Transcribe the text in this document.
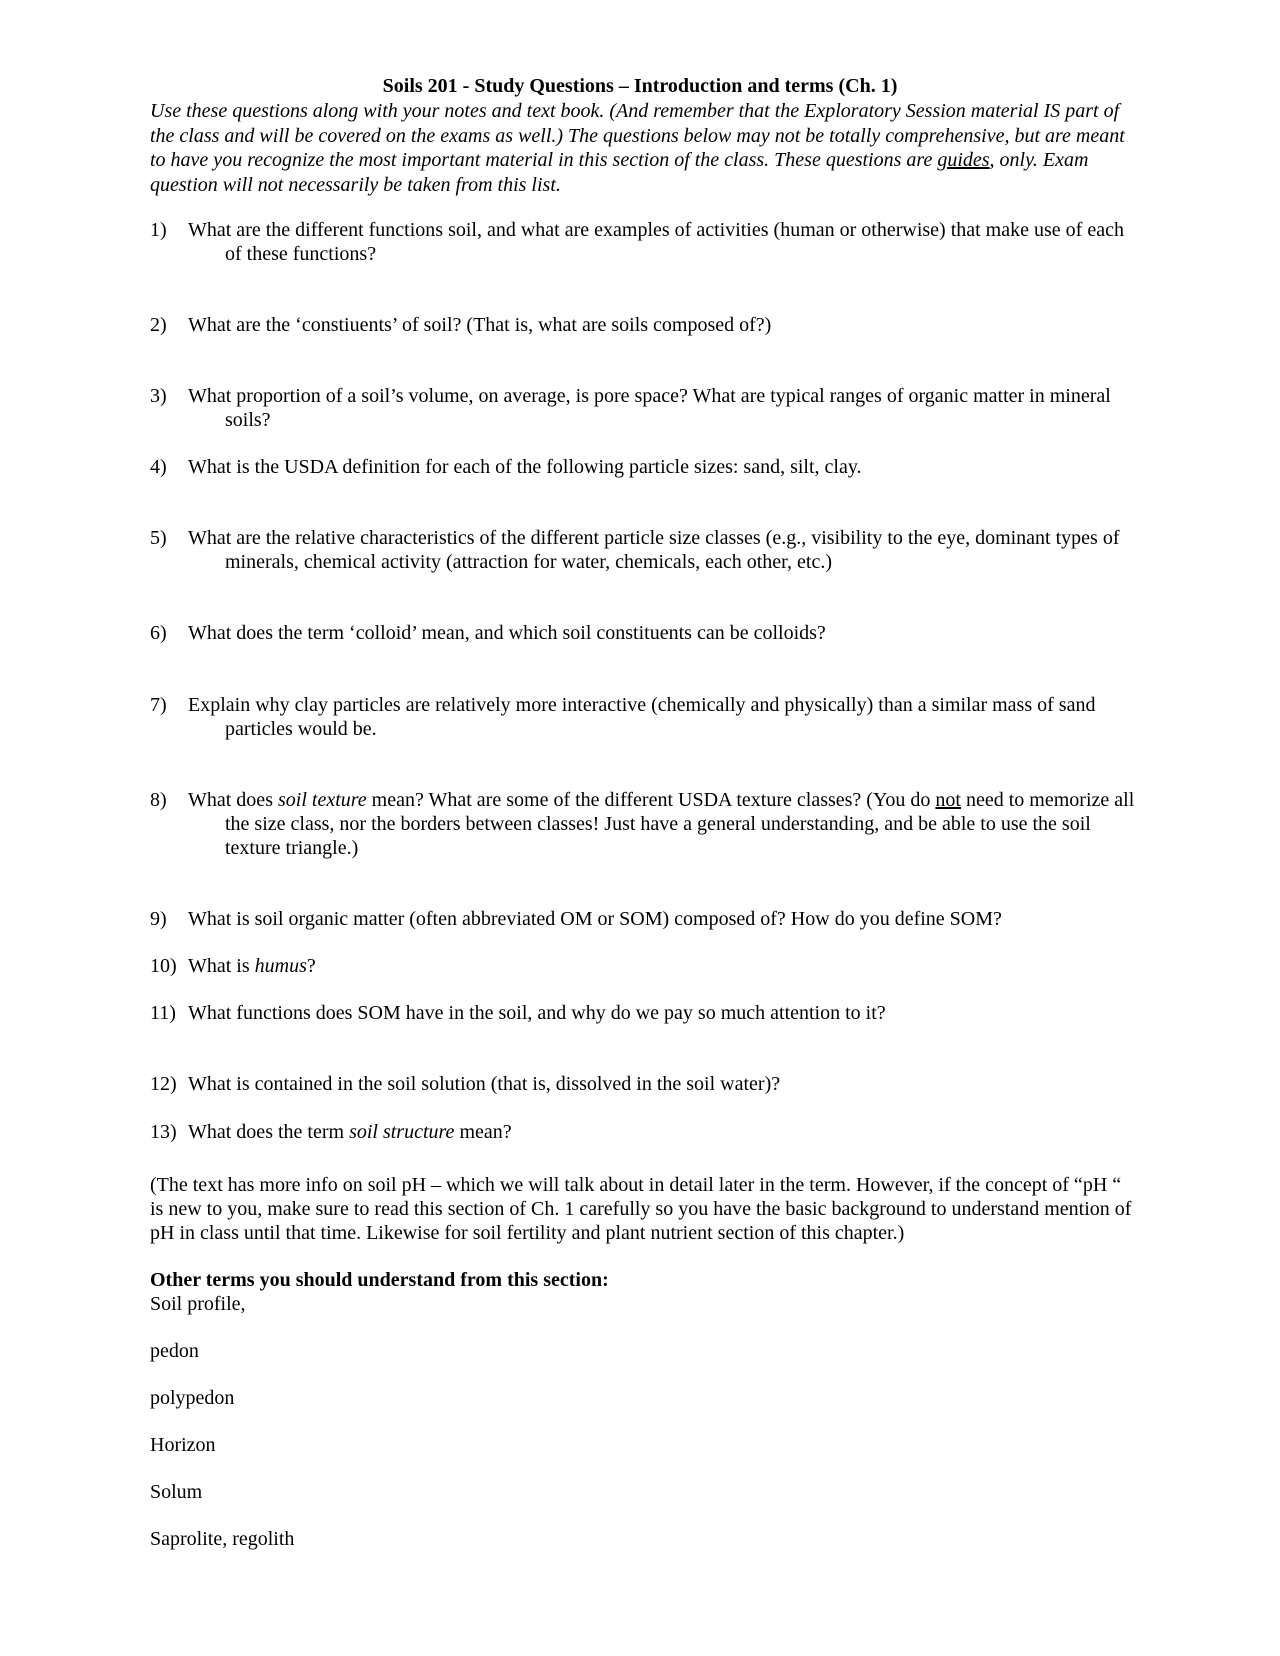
Soils 201 - Study Questions – Introduction and terms (Ch. 1)
Use these questions along with your notes and text book. (And remember that the Exploratory Session material IS part of
the class and will be covered on the exams as well.) The questions below may not be totally comprehensive, but are meant
to have you recognize the most important material in this section of the class. These questions are guides, only. Exam
question will not necessarily be taken from this list.
1) What are the different functions soil, and what are examples of activities (human or otherwise) that make use of each
of these functions?
2) What are the ‘constiuents’ of soil? (That is, what are soils composed of?)
3) What proportion of a soil’s volume, on average, is pore space? What are typical ranges of organic matter in mineral
soils?
4) What is the USDA definition for each of the following particle sizes: sand, silt, clay.
5) What are the relative characteristics of the different particle size classes (e.g., visibility to the eye, dominant types of
minerals, chemical activity (attraction for water, chemicals, each other, etc.)
6) What does the term ‘colloid’ mean, and which soil constituents can be colloids?
7) Explain why clay particles are relatively more interactive (chemically and physically) than a similar mass of sand
particles would be.
8) What does soil texture mean? What are some of the different USDA texture classes? (You do not need to memorize all
the size class, nor the borders between classes! Just have a general understanding, and be able to use the soil
texture triangle.)
9) What is soil organic matter (often abbreviated OM or SOM) composed of? How do you define SOM?
10) What is humus?
11) What functions does SOM have in the soil, and why do we pay so much attention to it?
12) What is contained in the soil solution (that is, dissolved in the soil water)?
13) What does the term soil structure mean?
(The text has more info on soil pH – which we will talk about in detail later in the term. However, if the concept of “pH “
is new to you, make sure to read this section of Ch. 1 carefully so you have the basic background to understand mention of
pH in class until that time. Likewise for soil fertility and plant nutrient section of this chapter.)
Other terms you should understand from this section:
Soil profile,
pedon
polypedon
Horizon
Solum
Saprolite, regolith
